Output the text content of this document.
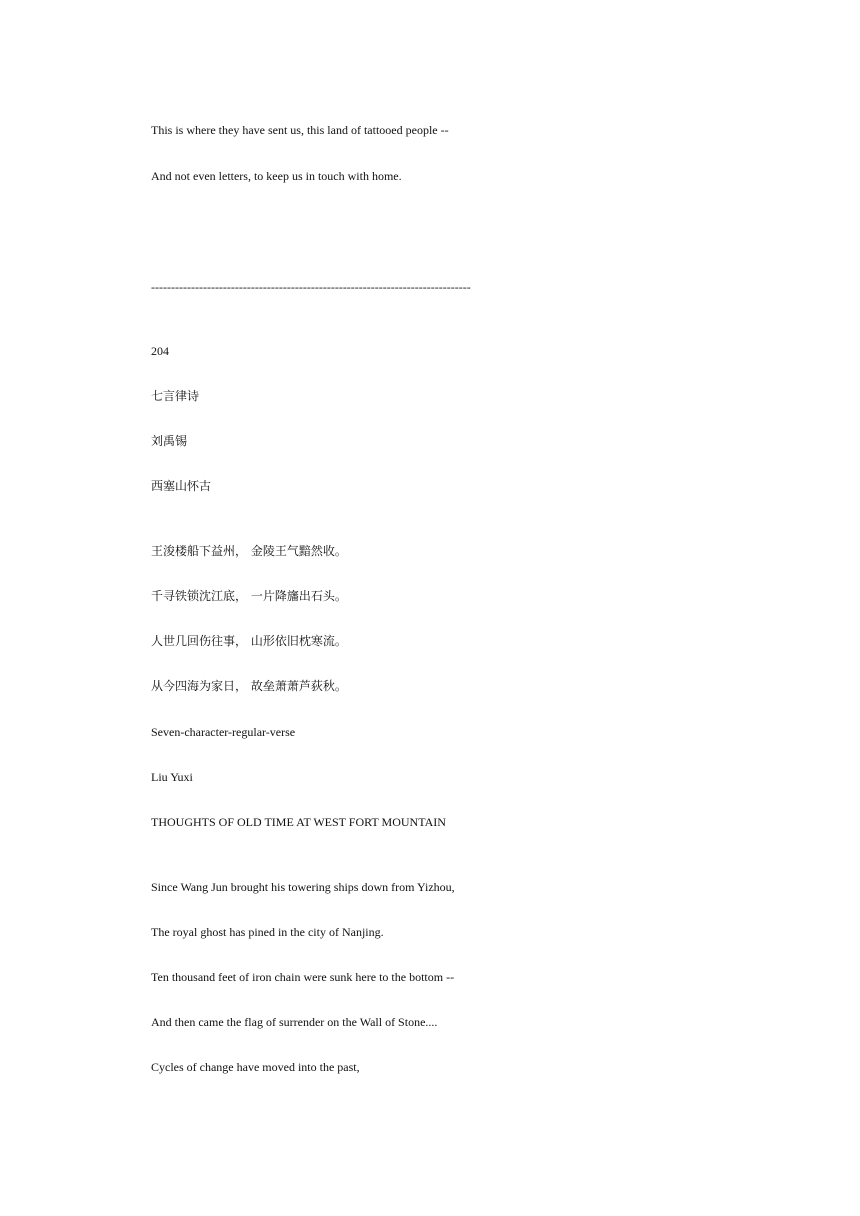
This is where they have sent us, this land of tattooed people --

And not even letters, to keep us in touch with home.

--------------------------------------------------------------------------------

204

七言律诗

刘禹锡

西塞山怀古

王浚楼船下益州， 金陵王气黯然收。

千寻铁锁沈江底， 一片降旛出石头。

人世几回伤往事， 山形依旧枕寒流。

从今四海为家日， 故垒萧萧芦荻秋。

Seven-character-regular-verse

Liu Yuxi

THOUGHTS OF OLD TIME AT WEST FORT MOUNTAIN

Since Wang Jun brought his towering ships down from Yizhou,

The royal ghost has pined in the city of Nanjing.

Ten thousand feet of iron chain were sunk here to the bottom --

And then came the flag of surrender on the Wall of Stone....

Cycles of change have moved into the past,
